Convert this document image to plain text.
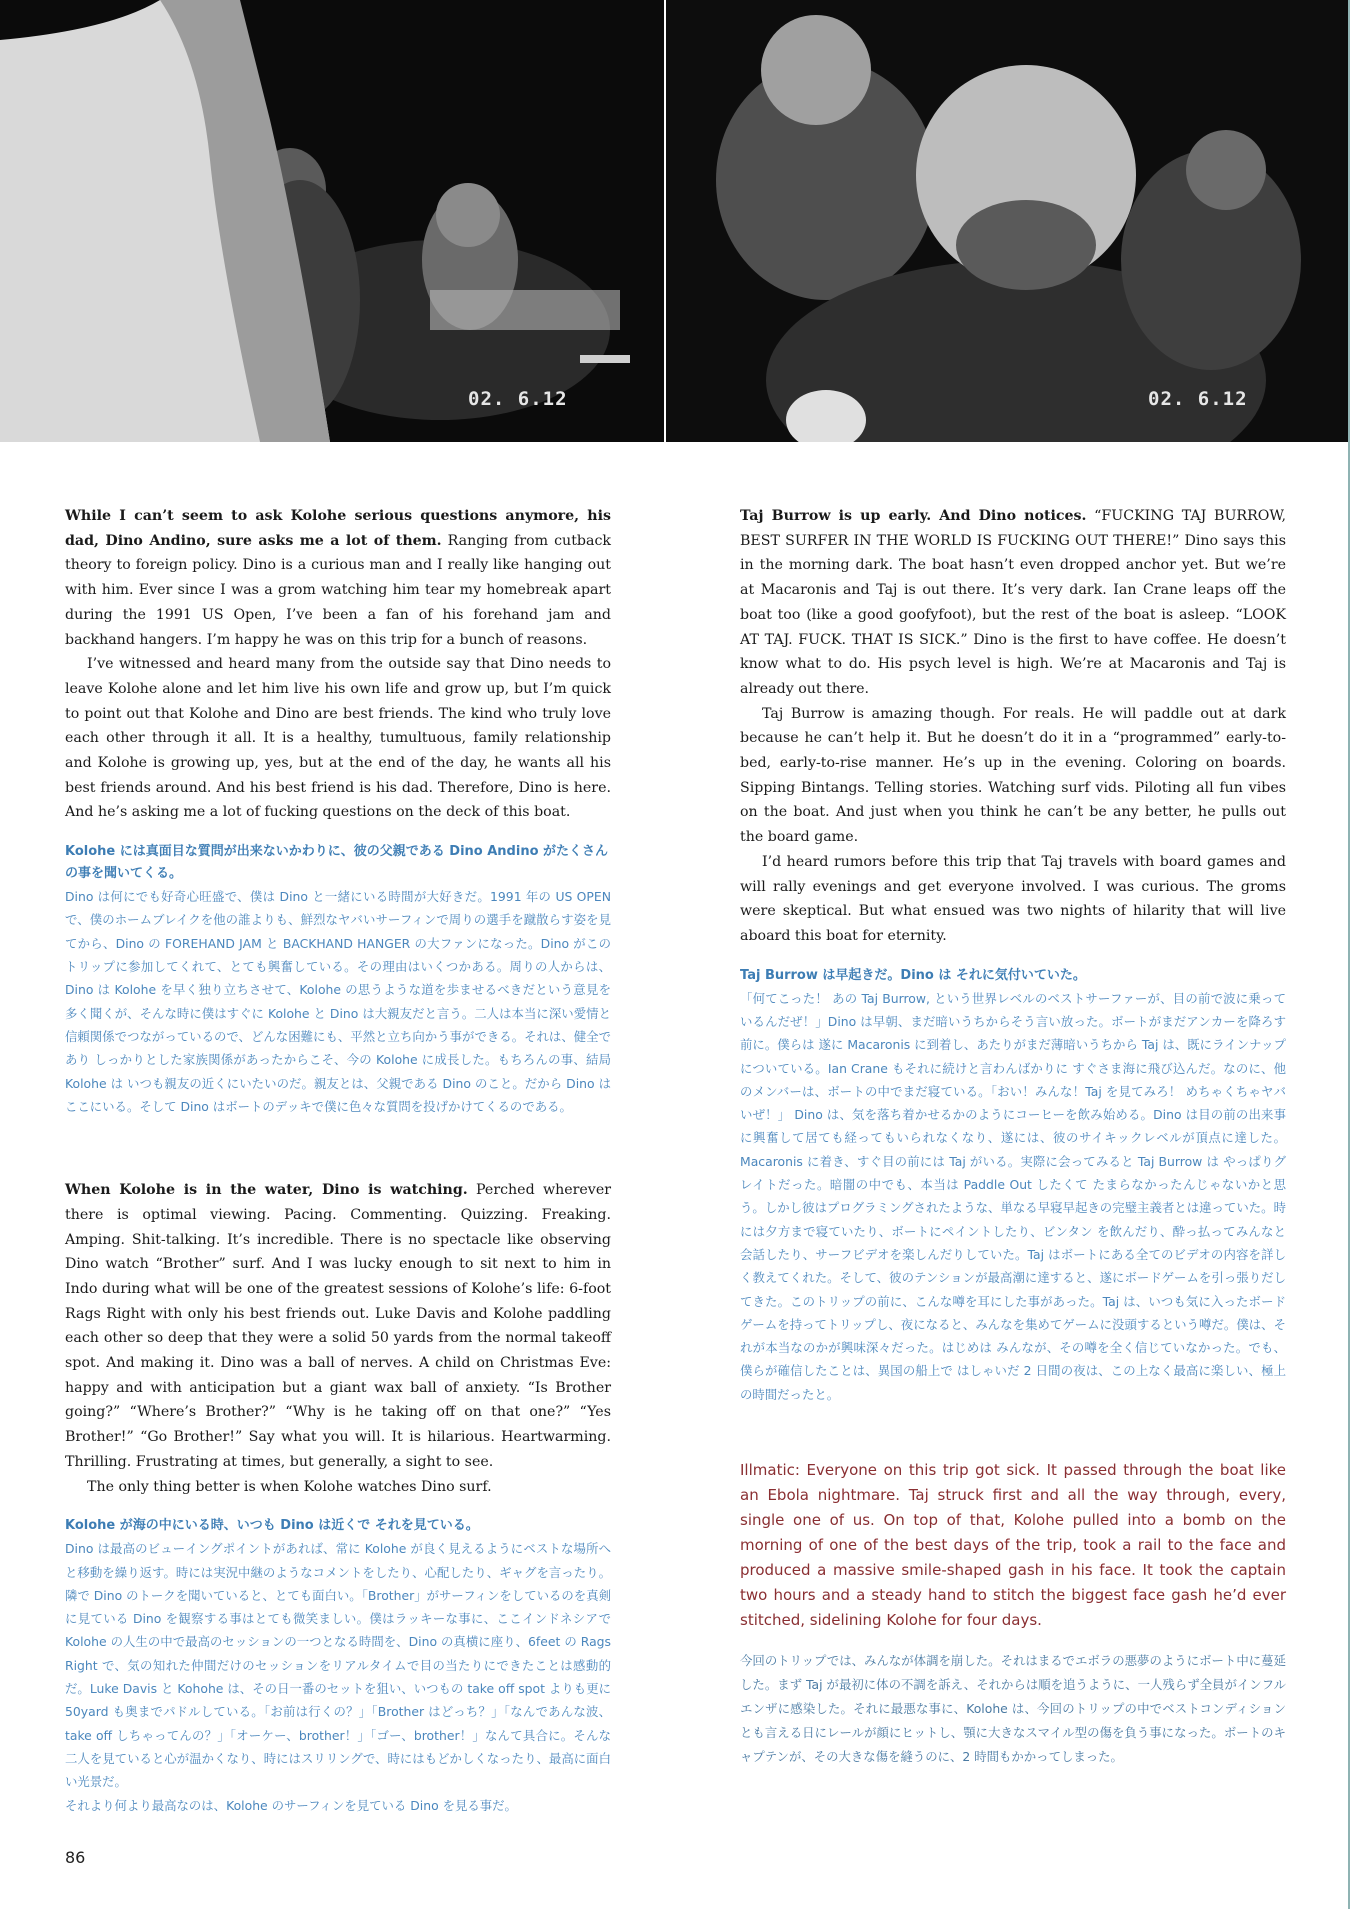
02. 6.12	02. 6.12

While I can’t seem to ask Kolohe serious questions anymore, his dad, Dino Andino, sure asks me a lot of them. Ranging from cutback theory to foreign policy. Dino is a curious man and I really like hanging out with him. Ever since I was a grom watching him tear my homebreak apart during the 1991 US Open, I’ve been a fan of his forehand jam and backhand hangers. I’m happy he was on this trip for a bunch of reasons.

I’ve witnessed and heard many from the outside say that Dino needs to leave Kolohe alone and let him live his own life and grow up, but I’m quick to point out that Kolohe and Dino are best friends. The kind who truly love each other through it all. It is a healthy, tumultuous, family relationship and Kolohe is growing up, yes, but at the end of the day, he wants all his best friends around. And his best friend is his dad. Therefore, Dino is here. And he’s asking me a lot of fucking questions on the deck of this boat.

Kolohe には真面目な質問が出来ないかわりに、彼の父親である Dino Andino がたくさんの事を聞いてくる。

Dino は何にでも好奇心旺盛で、僕は Dino と一緒にいる時間が大好きだ。1991 年の US OPEN で、僕のホームブレイクを他の誰よりも、鮮烈なヤバいサーフィンで周りの選手を蹴散らす姿を見てから、Dino の FOREHAND JAM と BACKHAND HANGER の大ファンになった。Dino がこのトリップに参加してくれて、とても興奮している。その理由はいくつかある。周りの人からは、Dino は Kolohe を早く独り立ちさせて、Kolohe の思うような道を歩ませるべきだという意見を多く聞くが、そんな時に僕はすぐに Kolohe と Dino は大親友だと言う。二人は本当に深い愛情と信頼関係でつながっているので、どんな困難にも、平然と立ち向かう事ができる。それは、健全であり しっかりとした家族関係があったからこそ、今の Kolohe に成長した。もちろんの事、結局 Kolohe は いつも親友の近くにいたいのだ。親友とは、父親である Dino のこと。だから Dino はここにいる。そして Dino はボートのデッキで僕に色々な質問を投げかけてくるのである。

When Kolohe is in the water, Dino is watching. Perched wherever there is optimal viewing. Pacing. Commenting. Quizzing. Freaking. Amping. Shit-talking. It’s incredible. There is no spectacle like observing Dino watch “Brother” surf. And I was lucky enough to sit next to him in Indo during what will be one of the greatest sessions of Kolohe’s life: 6-foot Rags Right with only his best friends out. Luke Davis and Kolohe paddling each other so deep that they were a solid 50 yards from the normal takeoff spot. And making it. Dino was a ball of nerves. A child on Christmas Eve: happy and with anticipation but a giant wax ball of anxiety. “Is Brother going?” “Where’s Brother?” “Why is he taking off on that one?” “Yes Brother!” “Go Brother!” Say what you will. It is hilarious. Heartwarming. Thrilling. Frustrating at times, but generally, a sight to see.

The only thing better is when Kolohe watches Dino surf.

Kolohe が海の中にいる時、いつも Dino は近くで それを見ている。

Dino は最高のビューイングポイントがあれば、常に Kolohe が良く見えるようにベストな場所へと移動を繰り返す。時には実況中継のようなコメントをしたり、心配したり、ギャグを言ったり。隣で Dino のトークを聞いていると、とても面白い。「Brother」がサーフィンをしているのを真剣に見ている Dino を観察する事はとても微笑ましい。僕はラッキーな事に、ここインドネシアで Kolohe の人生の中で最高のセッションの一つとなる時間を、Dino の真横に座り、6feet の Rags Right で、気の知れた仲間だけのセッションをリアルタイムで目の当たりにできたことは感動的だ。Luke Davis と Kohohe は、その日一番のセットを狙い、いつもの take off spot よりも更に 50yard も奥までパドルしている。「お前は行くの？」「Brother はどっち？」「なんであんな波、take off しちゃってんの？」「オーケー、brother！」「ゴー、brother！」なんて具合に。そんな二人を見ていると心が温かくなり、時にはスリリングで、時にはもどかしくなったり、最高に面白い光景だ。

それより何より最高なのは、Kolohe のサーフィンを見ている Dino を見る事だ。

Taj Burrow is up early. And Dino notices. “FUCKING TAJ BURROW, BEST SURFER IN THE WORLD IS FUCKING OUT THERE!” Dino says this in the morning dark. The boat hasn’t even dropped anchor yet. But we’re at Macaronis and Taj is out there. It’s very dark. Ian Crane leaps off the boat too (like a good goofyfoot), but the rest of the boat is asleep. “LOOK AT TAJ. FUCK. THAT IS SICK.” Dino is the first to have coffee. He doesn’t know what to do. His psych level is high. We’re at Macaronis and Taj is already out there.

Taj Burrow is amazing though. For reals. He will paddle out at dark because he can’t help it. But he doesn’t do it in a “programmed” early-to-bed, early-to-rise manner. He’s up in the evening. Coloring on boards. Sipping Bintangs. Telling stories. Watching surf vids. Piloting all fun vibes on the boat. And just when you think he can’t be any better, he pulls out the board game.

I’d heard rumors before this trip that Taj travels with board games and will rally evenings and get everyone involved. I was curious. The groms were skeptical. But what ensued was two nights of hilarity that will live aboard this boat for eternity.

Taj Burrow は早起きだ。Dino は それに気付いていた。

「何てこった！ あの Taj Burrow, という世界レベルのベストサーファーが、目の前で波に乗っているんだぜ！」Dino は早朝、まだ暗いうちからそう言い放った。ボートがまだアンカーを降ろす前に。僕らは 遂に Macaronis に到着し、あたりがまだ薄暗いうちから Taj は、既にラインナップについている。Ian Crane もそれに続けと言わんばかりに すぐさま海に飛び込んだ。なのに、他のメンバーは、ボートの中でまだ寝ている。「おい！みんな！Taj を見てみろ！ めちゃくちゃヤバいぜ！」 Dino は、気を落ち着かせるかのようにコーヒーを飲み始める。Dino は目の前の出来事に興奮して居ても経ってもいられなくなり、遂には、彼のサイキックレベルが頂点に達した。Macaronis に着き、すぐ目の前には Taj がいる。実際に会ってみると Taj Burrow は やっぱりグレイトだった。暗闇の中でも、本当は Paddle Out したくて たまらなかったんじゃないかと思う。しかし彼はプログラミングされたような、単なる早寝早起きの完璧主義者とは違っていた。時には夕方まで寝ていたり、ボートにペイントしたり、ビンタン を飲んだり、酔っ払ってみんなと会話したり、サーフビデオを楽しんだりしていた。Taj はボートにある全てのビデオの内容を詳しく教えてくれた。そして、彼のテンションが最高潮に達すると、遂にボードゲームを引っ張りだしてきた。このトリップの前に、こんな噂を耳にした事があった。Taj は、いつも気に入ったボードゲームを持ってトリップし、夜になると、みんなを集めてゲームに没頭するという噂だ。僕は、それが本当なのかが興味深々だった。はじめは みんなが、その噂を全く信じていなかった。でも、僕らが確信したことは、異国の船上で はしゃいだ 2 日間の夜は、この上なく最高に楽しい、極上の時間だったと。

Illmatic: Everyone on this trip got sick. It passed through the boat like an Ebola nightmare. Taj struck first and all the way through, every, single one of us. On top of that, Kolohe pulled into a bomb on the morning of one of the best days of the trip, took a rail to the face and produced a massive smile-shaped gash in his face. It took the captain two hours and a steady hand to stitch the biggest face gash he’d ever stitched, sidelining Kolohe for four days.

今回のトリップでは、みんなが体調を崩した。それはまるでエボラの悪夢のようにボート中に蔓延した。まず Taj が最初に体の不調を訴え、それからは順を追うように、一人残らず全員がインフルエンザに感染した。それに最悪な事に、Kolohe は、今回のトリップの中でベストコンディションとも言える日にレールが顔にヒットし、顎に大きなスマイル型の傷を負う事になった。ボートのキャプテンが、その大きな傷を縫うのに、2 時間もかかってしまった。

86
